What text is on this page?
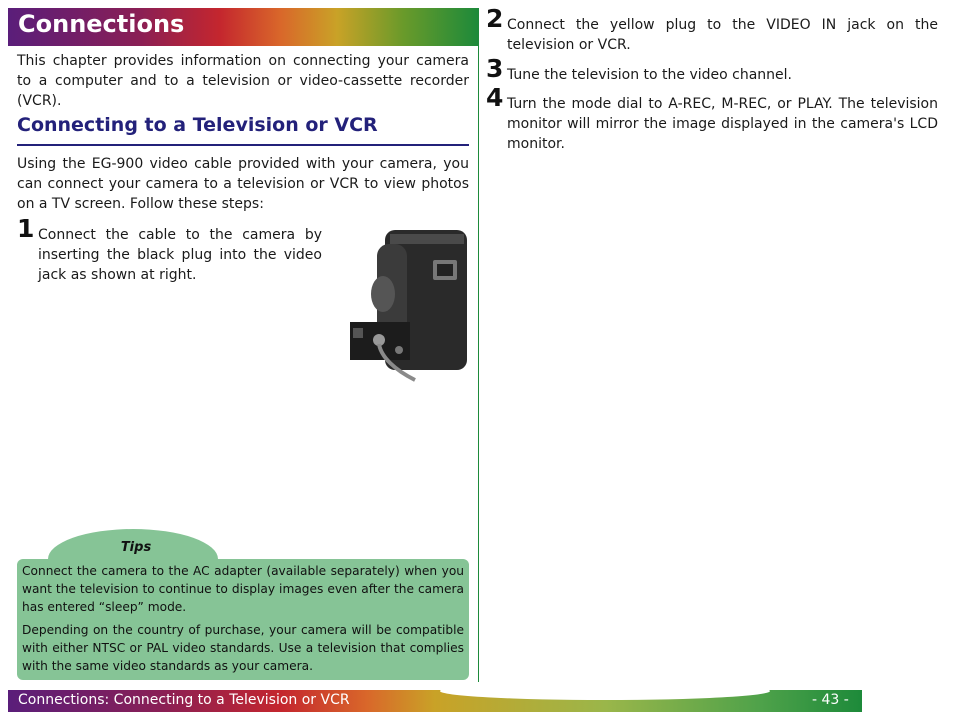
Connections
This chapter provides information on connecting your camera to a computer and to a television or video-cassette recorder (VCR).
Connecting to a Television or VCR
Using the EG-900 video cable provided with your camera, you can connect your camera to a television or VCR to view photos on a TV screen. Follow these steps:
1 Connect the cable to the camera by inserting the black plug into the video jack as shown at right.
2 Connect the yellow plug to the VIDEO IN jack on the television or VCR.
3 Tune the television to the video channel.
4 Turn the mode dial to A-REC, M-REC, or PLAY. The television monitor will mirror the image displayed in the camera's LCD monitor.
Tips

Connect the camera to the AC adapter (available separately) when you want the television to continue to display images even after the camera has entered “sleep” mode.

Depending on the country of purchase, your camera will be compatible with either NTSC or PAL video standards. Use a television that complies with the same video standards as your camera.

Connections: Connecting to a Television or VCR	- 43 -
